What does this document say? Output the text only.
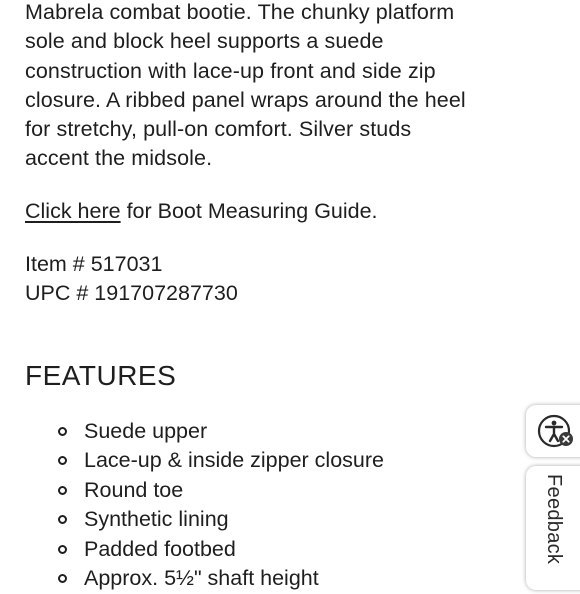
Mabrela combat bootie. The chunky platform
sole and block heel supports a suede
construction with lace-up front and side zip
closure. A ribbed panel wraps around the heel
for stretchy, pull-on comfort. Silver studs
accent the midsole.

Click here for Boot Measuring Guide.

Item # 517031
UPC # 191707287730
FEATURES
Suede upper
Lace-up & inside zipper closure
Round toe
Synthetic lining
Padded footbed
Approx. 5½" shaft height
Feedback
